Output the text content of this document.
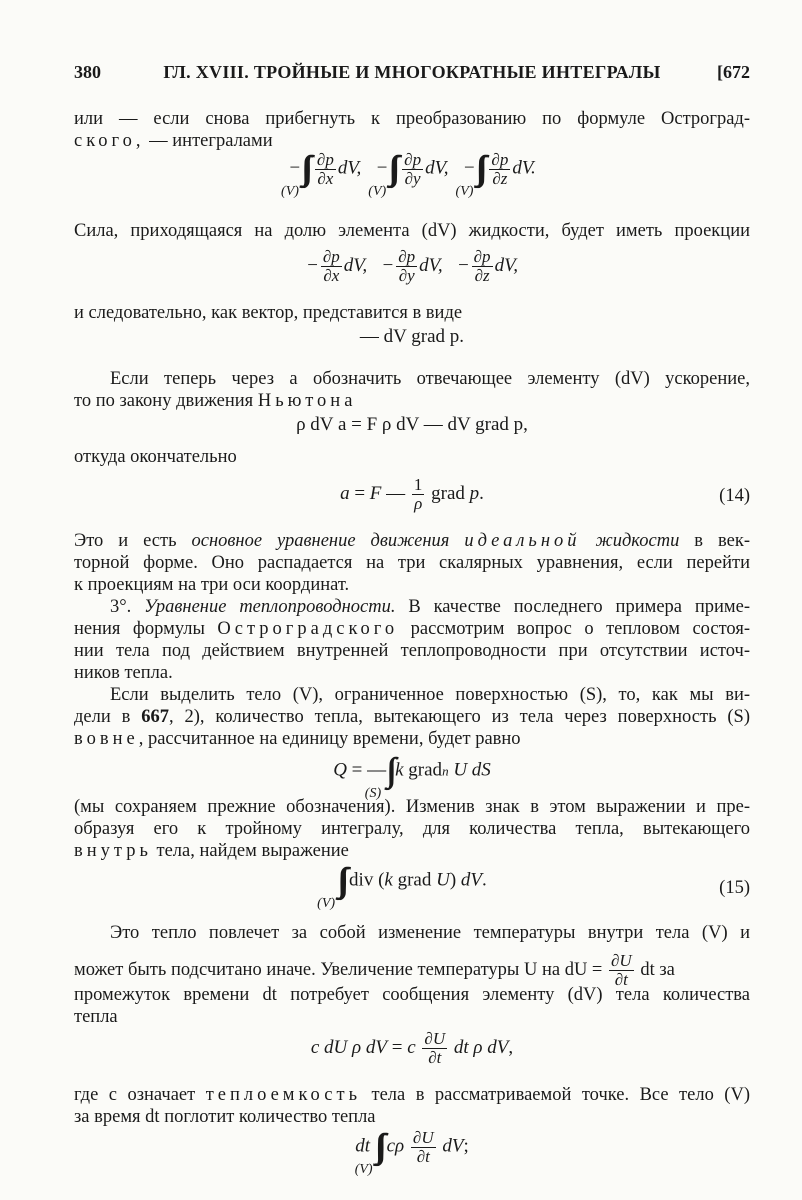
380	ГЛ. XVIII. ТРОЙНЫЕ И МНОГОКРАТНЫЕ ИНТЕГРАЛЫ	[672
или — если снова прибегнуть к преобразованию по формуле Остроград-
ского, — интегралами
−∫∫∫(V)
$\frac{\partial p}{\partial x}$ dV, −∫∫∫(V)
$\frac{\partial p}{\partial y}$ dV, −∫∫∫(V)
$\frac{\partial p}{\partial z}$ dV.
Сила, приходящаяся на долю элемента (dV) жидкости, будет иметь проекции
− $\frac{\partial p}{\partial x}$ dV, − $\frac{\partial p}{\partial y}$ dV, − $\frac{\partial p}{\partial z}$ dV,
и следовательно, как вектор, представится в виде
— dV grad p.
Если теперь через a обозначить отвечающее элементу (dV) ускорение,
то по закону движения Ньютона
ρ dV a = F ρ dV — dV grad p,
откуда окончательно
a = F — $\frac{1}{\rho}$ grad p.	(14)
Это и есть основное уравнение движения идеальной жидкости в век-
торной форме. Оно распадается на три скалярных уравнения, если перейти
к проекциям на три оси координат.
3°. Уравнение теплопроводности. В качестве последнего примера приме-
нения формулы Остроградского рассмотрим вопрос о тепловом состоя-
нии тела под действием внутренней теплопроводности при отсутствии источ-
ников тепла.
Если выделить тело (V), ограниченное поверхностью (S), то, как мы ви-
дели в 667, 2), количество тепла, вытекающего из тела через поверхность (S)
вовне, рассчитанное на единицу времени, будет равно
Q = —∫∫(S)k gradn U dS
(мы сохраняем прежние обозначения). Изменив знак в этом выражении и пре-
образуя его к тройному интегралу, для количества тепла, вытекающего
внутрь тела, найдем выражение
∫∫∫(V)div (k grad U) dV.	(15)
Это тепло повлечет за собой изменение температуры внутри тела (V) и
может быть подсчитано иначе. Увеличение температуры U на dU = $\frac{\partial U}{\partial t}$ dt за
промежуток времени dt потребует сообщения элементу (dV) тела количества
тепла
c dU ρ dV = c $\frac{\partial U}{\partial t}$ dt ρ dV,
где c означает теплоемкость тела в рассматриваемой точке. Все тело (V)
за время dt поглотит количество тепла
dt $\int\int\int(V)c\rho \frac{\partial U}{\partial t}$ dV;
